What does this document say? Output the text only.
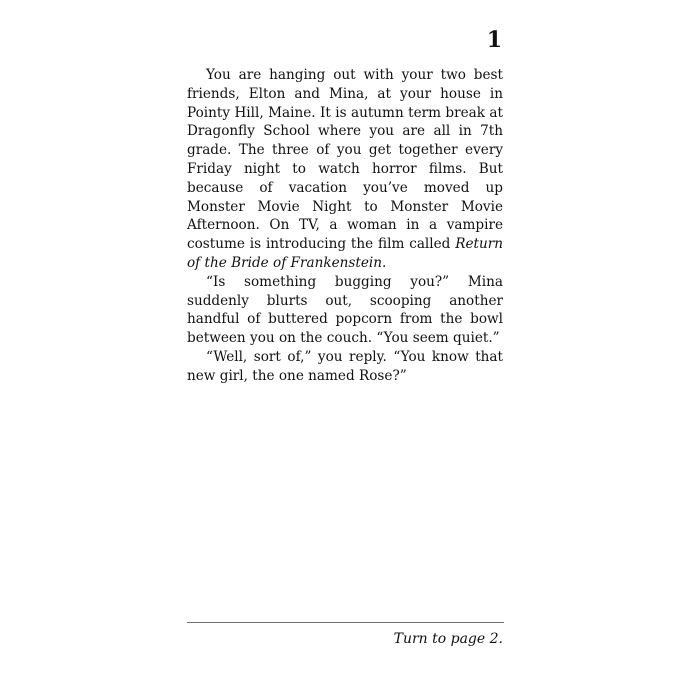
1

You are hanging out with your two best friends, Elton and Mina, at your house in Pointy Hill, Maine. It is autumn term break at Dragonfly School where you are all in 7th grade. The three of you get together every Friday night to watch horror films. But because of vacation you’ve moved up Monster Movie Night to Monster Movie Afternoon. On TV, a woman in a vampire costume is introducing the film called Return of the Bride of Frankenstein.

“Is something bugging you?” Mina suddenly blurts out, scooping another handful of buttered popcorn from the bowl between you on the couch. “You seem quiet.”

“Well, sort of,” you reply. “You know that new girl, the one named Rose?”

Turn to page 2.
